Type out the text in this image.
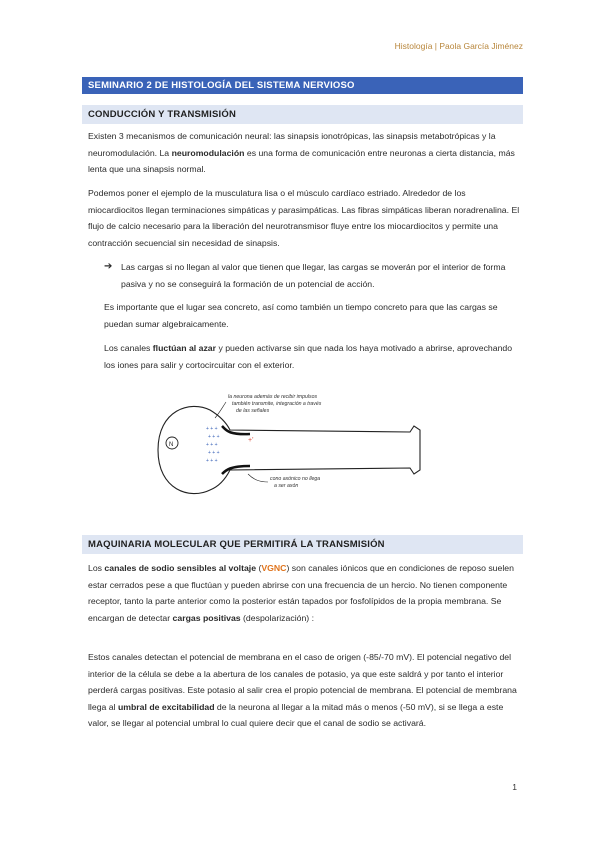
Histología | Paola García Jiménez
SEMINARIO 2 DE HISTOLOGÍA DEL SISTEMA NERVIOSO
CONDUCCIÓN Y TRANSMISIÓN

Existen 3 mecanismos de comunicación neural: las sinapsis ionotrópicas, las sinapsis metabotrópicas y la neuromodulación. La neuromodulación es una forma de comunicación entre neuronas a cierta distancia, más lenta que una sinapsis normal.

Podemos poner el ejemplo de la musculatura lisa o el músculo cardíaco estriado. Alrededor de los miocardiocitos llegan terminaciones simpáticas y parasimpáticas. Las fibras simpáticas liberan noradrenalina. El flujo de calcio necesario para la liberación del neurotransmisor fluye entre los miocardiocitos y permite una contracción secuencial sin necesidad de sinapsis.

➔ Las cargas si no llegan al valor que tienen que llegar, las cargas se moverán por el interior de forma pasiva y no se conseguirá la formación de un potencial de acción.

Es importante que el lugar sea concreto, así como también un tiempo concreto para que las cargas se puedan sumar algebraicamente.

Los canales fluctúan al azar y pueden activarse sin que nada los haya motivado a abrirse, aprovechando los iones para salir y cortocircuitar con el exterior.

N
+ + +
+ + +
+ + +
+ + +
+ + +
+'
la neurona además de recibir impulsos también transmite, integración a través de las señales
cono axónico no llega a ser axón
MAQUINARIA MOLECULAR QUE PERMITIRÁ LA TRANSMISIÓN

Los canales de sodio sensibles al voltaje (VGNC) son canales iónicos que en condiciones de reposo suelen estar cerrados pese a que fluctúan y pueden abrirse con una frecuencia de un hercio. No tienen componente receptor, tanto la parte anterior como la posterior están tapados por fosfolípidos de la propia membrana. Se encargan de detectar cargas positivas (despolarización) :

Estos canales detectan el potencial de membrana en el caso de origen (-85/-70 mV). El potencial negativo del interior de la célula se debe a la abertura de los canales de potasio, ya que este saldrá y por tanto el interior perderá cargas positivas. Este potasio al salir crea el propio potencial de membrana. El potencial de membrana llega al umbral de excitabilidad de la neurona al llegar a la mitad más o menos (-50 mV), si se llega a este valor, se llegar al potencial umbral lo cual quiere decir que el canal de sodio se activará.

1
